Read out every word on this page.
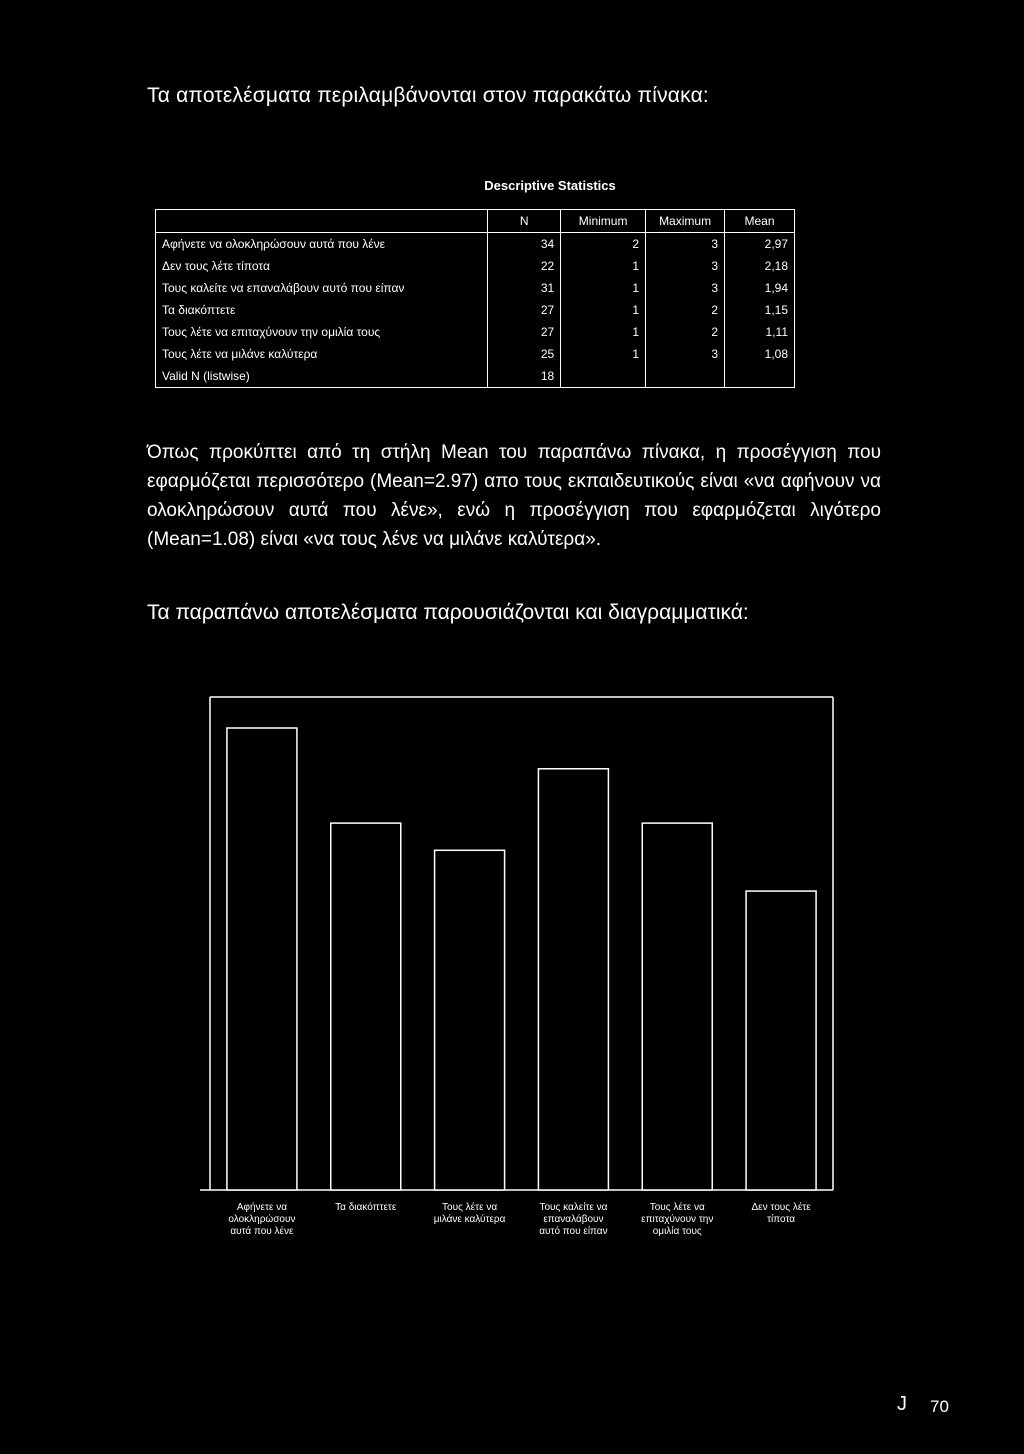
Τα αποτελέσματα περιλαμβάνονται στον παρακάτω πίνακα:
Descriptive Statistics
	N	Minimum	Maximum	Mean
Αφήνετε να ολοκληρώσουν αυτά που λένε	34	2	3	2,97
Δεν τους λέτε τίποτα	22	1	3	2,18
Τους καλείτε να επαναλάβουν αυτό που είπαν	31	1	3	1,94
Τα διακόπτετε	27	1	2	1,15
Τους λέτε να επιταχύνουν την ομιλία τους	27	1	2	1,11
Τους λέτε να μιλάνε καλύτερα	25	1	3	1,08
Valid N (listwise)	18			

Όπως προκύπτει από τη στήλη Mean του παραπάνω πίνακα, η προσέγγιση που εφαρμόζεται περισσότερο (Mean=2.97) απο τους εκπαιδευτικούς είναι «να αφήνουν να ολοκληρώσουν αυτά που λένε», ενώ η προσέγγιση που εφαρμόζεται λιγότερο (Mean=1.08) είναι «να τους λένε να μιλάνε καλύτερα».

Τα παραπάνω αποτελέσματα παρουσιάζονται και διαγραμματικά:
Αφήνετε να ολοκληρώσουν αυτά που λένε
Τα διακόπτετε	Τους λέτε να μιλάνε καλύτερα
Τους καλείτε να επαναλάβουν αυτό που είπαν
Τους λέτε να επιταχύνουν την ομιλία τους
Δεν τους λέτε τίποτα
J 70
